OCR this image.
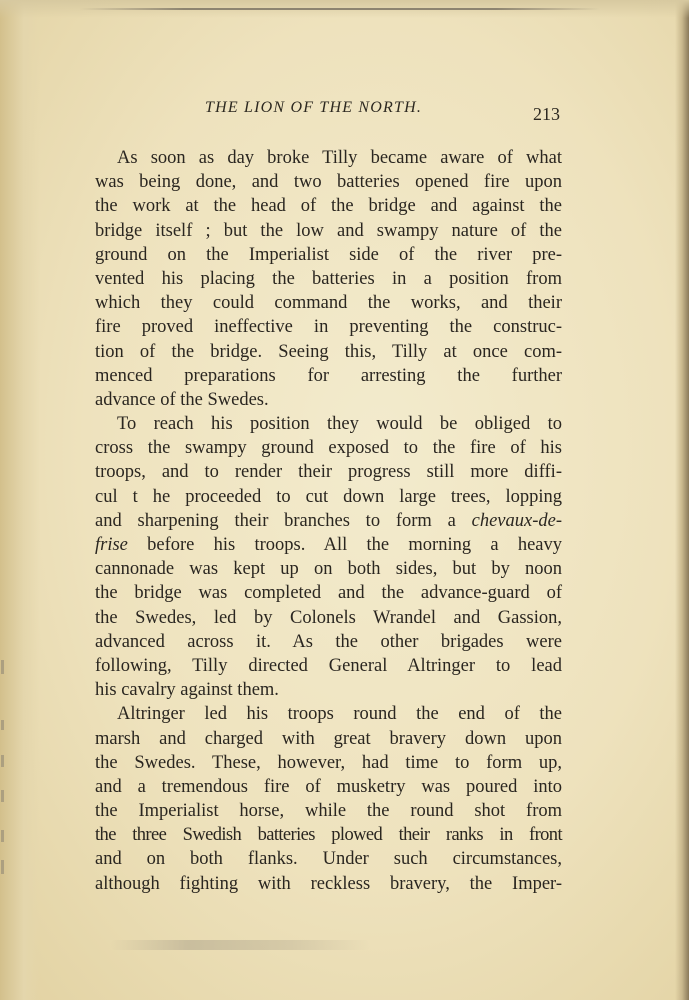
THE LION OF THE NORTH.	213
As soon as day broke Tilly became aware of what
was being done, and two batteries opened fire upon
the work at the head of the bridge and against the
bridge itself ; but the low and swampy nature of the
ground on the Imperialist side of the river pre-
vented his placing the batteries in a position from
which they could command the works, and their
fire proved ineffective in preventing the construc-
tion of the bridge. Seeing this, Tilly at once com-
menced preparations for arresting the further
advance of the Swedes.
To reach his position they would be obliged to
cross the swampy ground exposed to the fire of his
troops, and to render their progress still more diffi-
cul t he proceeded to cut down large trees, lopping
and sharpening their branches to form a chevaux-de-
frise before his troops. All the morning a heavy
cannonade was kept up on both sides, but by noon
the bridge was completed and the advance-guard of
the Swedes, led by Colonels Wrandel and Gassion,
advanced across it. As the other brigades were
following, Tilly directed General Altringer to lead
his cavalry against them.
Altringer led his troops round the end of the
marsh and charged with great bravery down upon
the Swedes. These, however, had time to form up,
and a tremendous fire of musketry was poured into
the Imperialist horse, while the round shot from
the three Swedish batteries plowed their ranks in front
and on both flanks. Under such circumstances,
although fighting with reckless bravery, the Imper-
